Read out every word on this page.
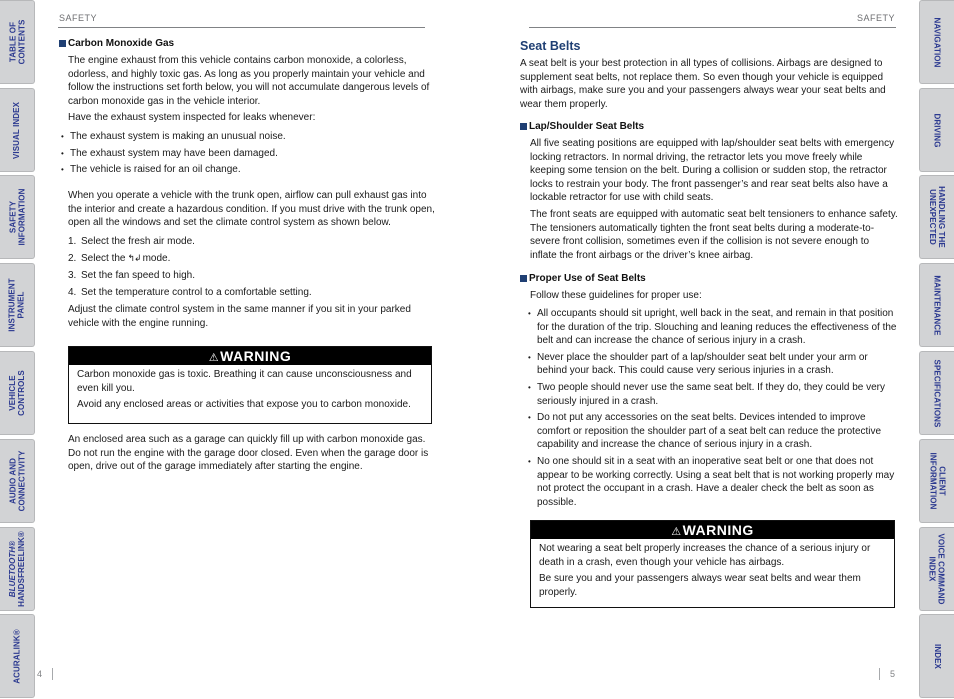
TABLE OF CONTENTS
VISUAL INDEX
SAFETY INFORMATION
INSTRUMENT PANEL
VEHICLE CONTROLS
AUDIO AND CONNECTIVITY
BLUETOOTH® HANDSFREELINK®
ACURALINK®
NAVIGATION
DRIVING
HANDLING THE
UNEXPECTED
MAINTENANCE
SPECIFICATIONS
CLIENT
INFORMATION
VOICE COMMAND
INDEX
INDEX
SAFETY
Carbon Monoxide Gas

The engine exhaust from this vehicle contains carbon monoxide, a colorless, odorless, and highly toxic gas. As long as you properly maintain your vehicle and follow the instructions set forth below, you will not accumulate dangerous levels of carbon monoxide gas in the vehicle interior.

Have the exhaust system inspected for leaks whenever:

• The exhaust system is making an unusual noise.
• The exhaust system may have been damaged.
• The vehicle is raised for an oil change.

When you operate a vehicle with the trunk open, airflow can pull exhaust gas into the interior and create a hazardous condition. If you must drive with the trunk open, open all the windows and set the climate control system as shown below.

1. Select the fresh air mode.
2. Select the ↰↲ mode.
3. Set the fan speed to high.
4. Set the temperature control to a comfortable setting.

Adjust the climate control system in the same manner if you sit in your parked vehicle with the engine running.

⚠WARNING

Carbon monoxide gas is toxic. Breathing it can cause unconsciousness and even kill you.

Avoid any enclosed areas or activities that expose you to carbon monoxide.

An enclosed area such as a garage can quickly fill up with carbon monoxide gas. Do not run the engine with the garage door closed. Even when the garage door is open, drive out of the garage immediately after starting the engine.

4
SAFETY
Seat Belts

A seat belt is your best protection in all types of collisions. Airbags are designed to supplement seat belts, not replace them. So even though your vehicle is equipped with airbags, make sure you and your passengers always wear your seat belts and wear them properly.

Lap/Shoulder Seat Belts

All five seating positions are equipped with lap/shoulder seat belts with emergency locking retractors. In normal driving, the retractor lets you move freely while keeping some tension on the belt. During a collision or sudden stop, the retractor locks to restrain your body. The front passenger’s and rear seat belts also have a lockable retractor for use with child seats.

The front seats are equipped with automatic seat belt tensioners to enhance safety. The tensioners automatically tighten the front seat belts during a moderate-to-severe front collision, sometimes even if the collision is not severe enough to inflate the front airbags or the driver’s knee airbag.

Proper Use of Seat Belts

Follow these guidelines for proper use:

• All occupants should sit upright, well back in the seat, and remain in that position for the duration of the trip. Slouching and leaning reduces the effectiveness of the belt and can increase the chance of serious injury in a crash.
• Never place the shoulder part of a lap/shoulder seat belt under your arm or behind your back. This could cause very serious injuries in a crash.
• Two people should never use the same seat belt. If they do, they could be very seriously injured in a crash.
• Do not put any accessories on the seat belts. Devices intended to improve comfort or reposition the shoulder part of a seat belt can reduce the protective capability and increase the chance of serious injury in a crash.
• No one should sit in a seat with an inoperative seat belt or one that does not appear to be working correctly. Using a seat belt that is not working properly may not protect the occupant in a crash. Have a dealer check the belt as soon as possible.
⚠WARNING

Not wearing a seat belt properly increases the chance of a serious injury or death in a crash, even though your vehicle has airbags.

Be sure you and your passengers always wear seat belts and wear them properly.

5
